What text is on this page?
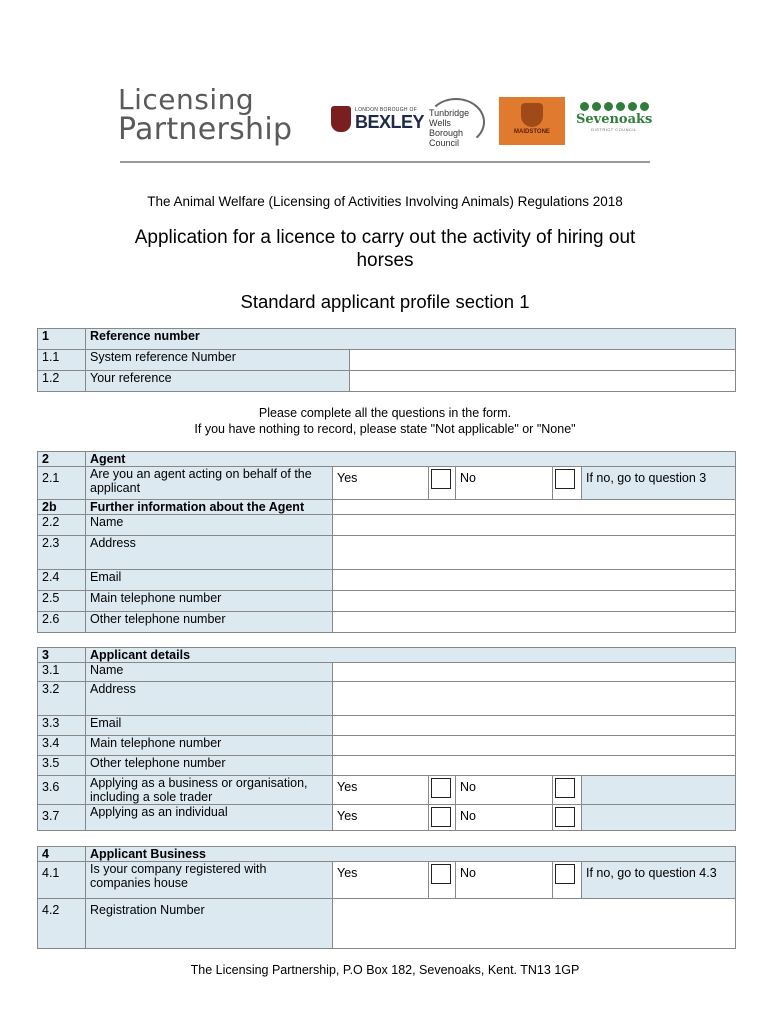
Licensing
Partnership
LONDON BOROUGH OF
BEXLEY Tunbridge Wells Borough Council
MAIDSTONE
Sevenoaks
DISTRICT COUNCIL
The Animal Welfare (Licensing of Activities Involving Animals) Regulations 2018
Application for a licence to carry out the activity of hiring out horses
Standard applicant profile section 1
1	Reference number	
1.1	System reference Number	
1.2	Your reference	
Please complete all the questions in the form.
If you have nothing to record, please state "Not applicable" or "None"
2	Agent					
2.1	Are you an agent acting on behalf of the applicant	Yes		No		If no, go to question 3
2b	Further information about the Agent					
2.2	Name					
2.3	Address					
2.4	Email					
2.5	Main telephone number					
2.6	Other telephone number					
3	Applicant details					
3.1	Name					
3.2	Address					
3.3	Email					
3.4	Main telephone number					
3.5	Other telephone number					
3.6	Applying as a business or organisation, including a sole trader	Yes		No		
3.7	Applying as an individual	Yes		No		
4	Applicant Business					
4.1	Is your company registered with companies house	Yes		No		If no, go to question 4.3
4.2	Registration Number					
The Licensing Partnership, P.O Box 182, Sevenoaks, Kent. TN13 1GP
